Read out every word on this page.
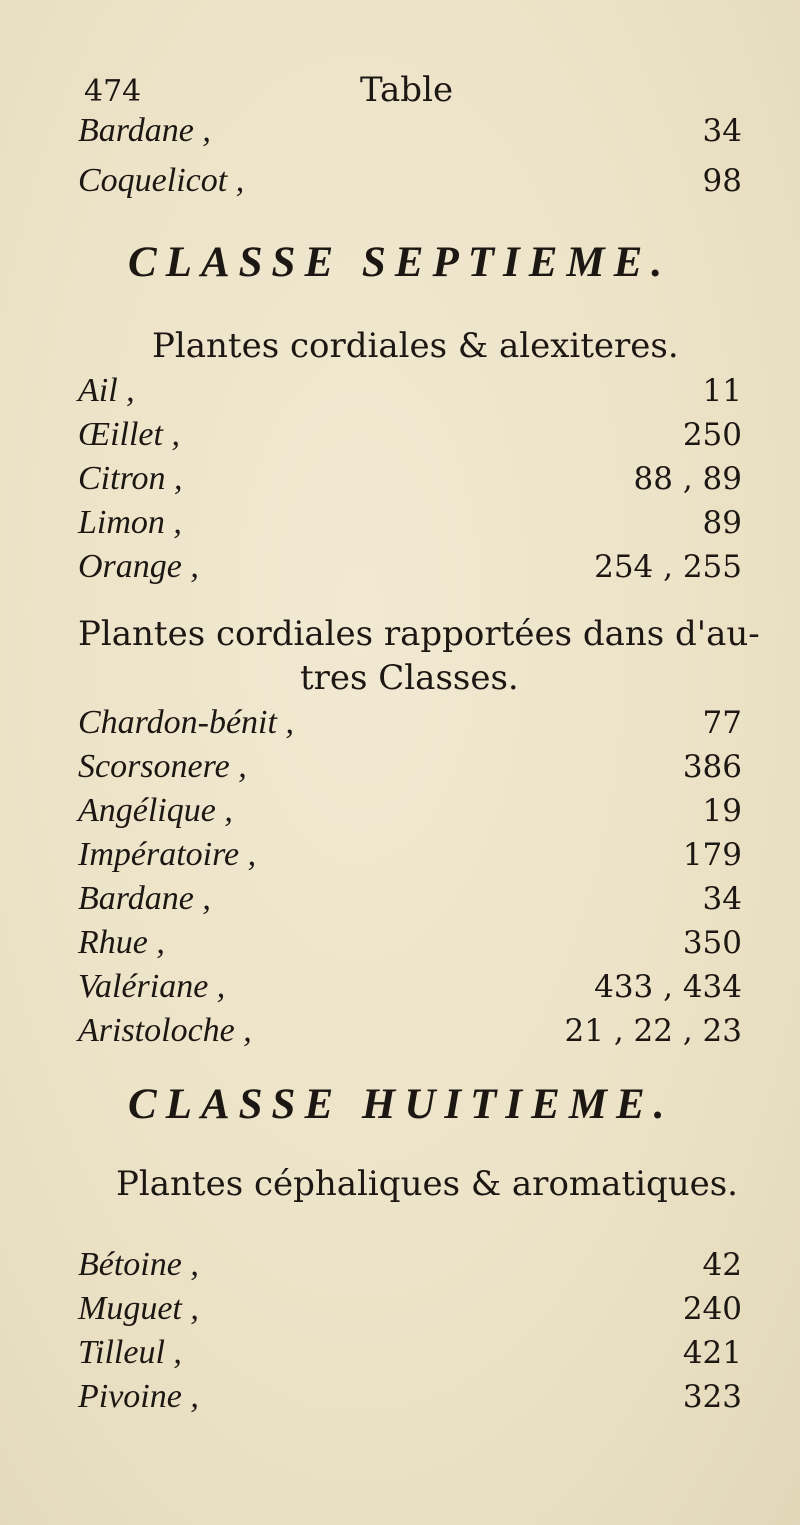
474	Table
Bardane ,	34
Coquelicot ,	98
CLASSE SEPTIEME.
Plantes cordiales & alexiteres.
Ail ,	11
Œillet ,	250
Citron ,	88 , 89
Limon ,	89
Orange ,	254 , 255
Plantes cordiales rapportées dans d'au-
tres Classes.
Chardon-bénit ,	77
Scorsonere ,	386
Angélique ,	19
Impératoire ,	179
Bardane ,	34
Rhue ,	350
Valériane ,	433 , 434
Aristoloche ,	21 , 22 , 23
CLASSE HUITIEME.
Plantes céphaliques & aromatiques.
Bétoine ,	42
Muguet ,	240
Tilleul ,	421
Pivoine ,	323
